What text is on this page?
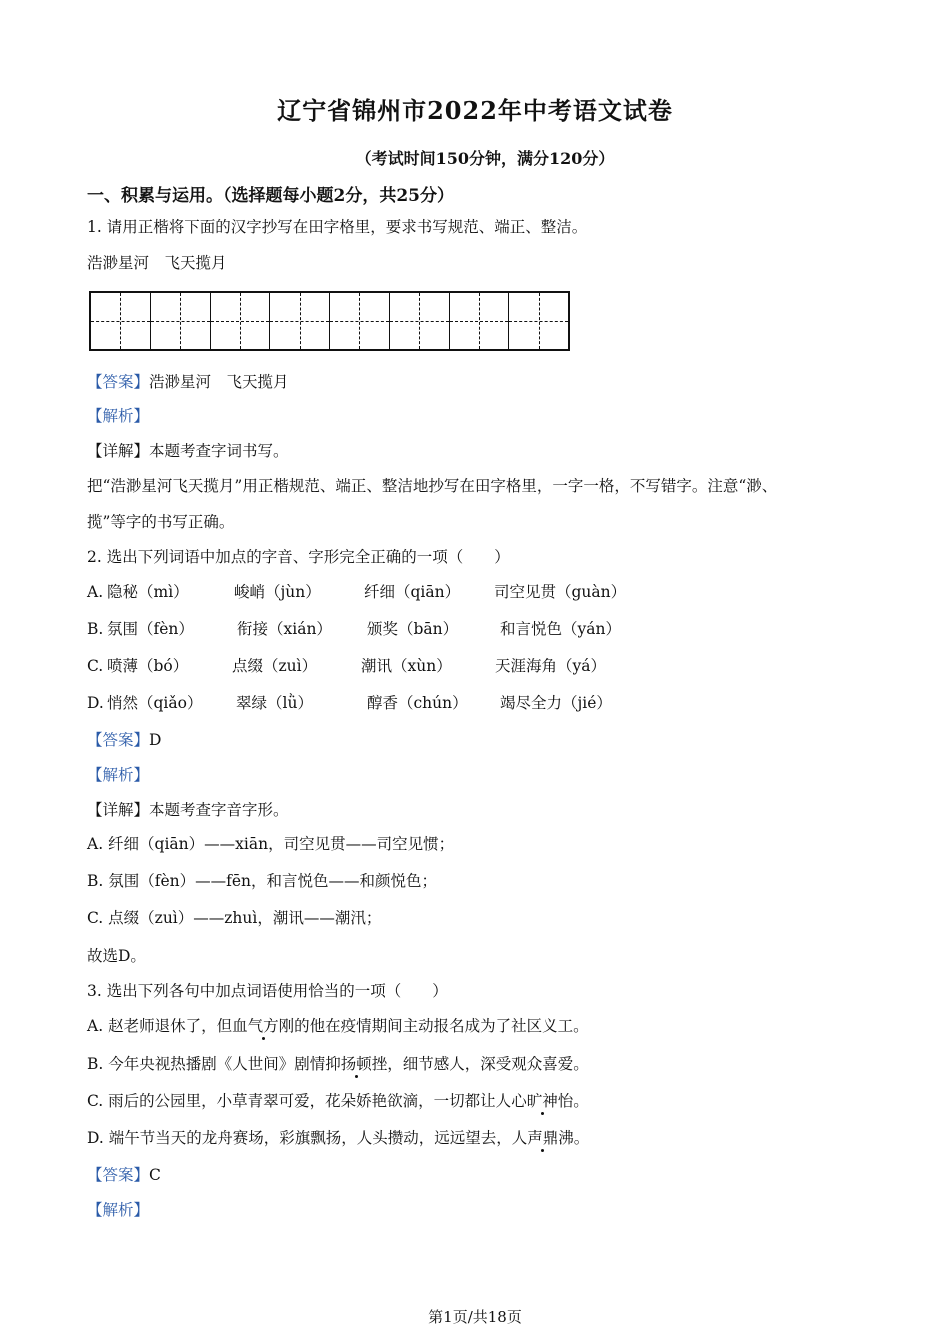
辽宁省锦州市2022年中考语文试卷
（考试时间150分钟，满分120分）
一、积累与运用。（选择题每小题2分，共25分）
1. 请用正楷将下面的汉字抄写在田字格里，要求书写规范、端正、整洁。
浩渺星河　飞天揽月
【答案】浩渺星河　飞天揽月
【解析】
【详解】本题考查字词书写。
把“浩渺星河飞天揽月”用正楷规范、端正、整洁地抄写在田字格里，一字一格，不写错字。注意“渺、
揽”等字的书写正确。
2. 选出下列词语中加点的字音、字形完全正确的一项（　　）
A. 隐秘（mì）	峻峭（jùn）	纤细（qiān） 司空见贯（guàn）
B. 氛围（fèn）	衔接（xián） 颁奖（bān）	和言悦色（yán）
C. 喷薄（bó）	点缀（zuì）	潮讯（xùn）	天涯海角（yá）
D. 悄然（qiǎo） 翠绿（lǜ）	醇香（chún） 竭尽全力（jié）
【答案】D
【解析】
【详解】本题考查字音字形。
A. 纤细（qiān）——xiān，司空见贯——司空见惯；
B. 氛围（fèn）——fēn，和言悦色——和颜悦色；
C. 点缀（zuì）——zhuì，潮讯——潮汛；
故选D。
3. 选出下列各句中加点词语使用恰当的一项（　　）
A. 赵老师退休了，但血气方刚的他在疫情期间主动报名成为了社区义工。
B. 今年央视热播剧《人世间》剧情抑扬顿挫，细节感人，深受观众喜爱。
C. 雨后的公园里，小草青翠可爱，花朵娇艳欲滴，一切都让人心旷神怡。
D. 端午节当天的龙舟赛场，彩旗飘扬，人头攒动，远远望去，人声鼎沸。
【答案】C
【解析】
第1页/共18页
